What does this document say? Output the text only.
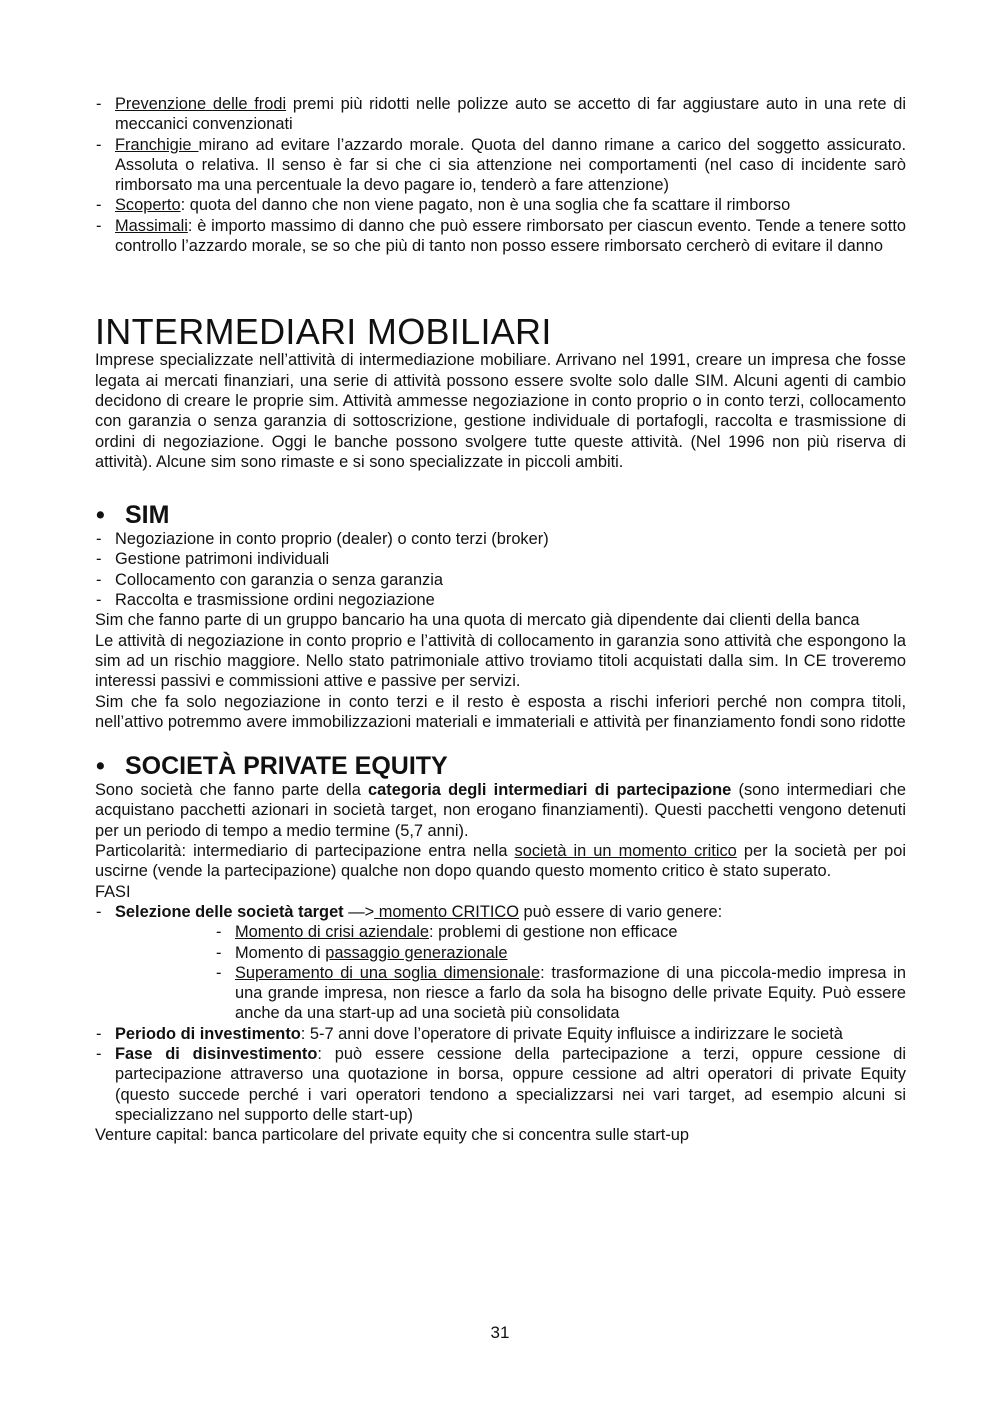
- Prevenzione delle frodi premi più ridotti nelle polizze auto se accetto di far aggiustare auto in una rete di meccanici convenzionati
- Franchigie mirano ad evitare l’azzardo morale. Quota del danno rimane a carico del soggetto assicurato. Assoluta o relativa. Il senso è far si che ci sia attenzione nei comportamenti (nel caso di incidente sarò rimborsato ma una percentuale la devo pagare io, tenderò a fare attenzione)
- Scoperto: quota del danno che non viene pagato, non è una soglia che fa scattare il rimborso
- Massimali: è importo massimo di danno che può essere rimborsato per ciascun evento. Tende a tenere sotto controllo l’azzardo morale, se so che più di tanto non posso essere rimborsato cercherò di evitare il danno
INTERMEDIARI MOBILIARI
Imprese specializzate nell’attività di intermediazione mobiliare. Arrivano nel 1991, creare un impresa che fosse legata ai mercati finanziari, una serie di attività possono essere svolte solo dalle SIM. Alcuni agenti di cambio decidono di creare le proprie sim. Attività ammesse negoziazione in conto proprio o in conto terzi, collocamento con garanzia o senza garanzia di sottoscrizione, gestione individuale di portafogli, raccolta e trasmissione di ordini di negoziazione. Oggi le banche possono svolgere tutte queste attività. (Nel 1996 non più riserva di attività). Alcune sim sono rimaste e si sono specializzate in piccoli ambiti.
• SIM
- Negoziazione in conto proprio (dealer) o conto terzi (broker)
- Gestione patrimoni individuali
- Collocamento con garanzia o senza garanzia
- Raccolta e trasmissione ordini negoziazione
Sim che fanno parte di un gruppo bancario ha una quota di mercato già dipendente dai clienti della banca
Le attività di negoziazione in conto proprio e l’attività di collocamento in garanzia sono attività che espongono la sim ad un rischio maggiore. Nello stato patrimoniale attivo troviamo titoli acquistati dalla sim. In CE troveremo interessi passivi e commissioni attive e passive per servizi.
Sim che fa solo negoziazione in conto terzi e il resto è esposta a rischi inferiori perché non compra titoli, nell’attivo potremmo avere immobilizzazioni materiali e immateriali e attività per finanziamento fondi sono ridotte
• SOCIETÀ PRIVATE EQUITY
Sono società che fanno parte della categoria degli intermediari di partecipazione (sono intermediari che acquistano pacchetti azionari in società target, non erogano finanziamenti). Questi pacchetti vengono detenuti per un periodo di tempo a medio termine (5,7 anni).
Particolarità: intermediario di partecipazione entra nella società in un momento critico per la società per poi uscirne (vende la partecipazione) qualche non dopo quando questo momento critico è stato superato.
FASI
- Selezione delle società target —> momento CRITICO può essere di vario genere:
- Momento di crisi aziendale: problemi di gestione non efficace
- Momento di passaggio generazionale
- Superamento di una soglia dimensionale: trasformazione di una piccola-medio impresa in una grande impresa, non riesce a farlo da sola ha bisogno delle private Equity. Può essere anche da una start-up ad una società più consolidata
- Periodo di investimento: 5-7 anni dove l’operatore di private Equity influisce a indirizzare le società
- Fase di disinvestimento: può essere cessione della partecipazione a terzi, oppure cessione di partecipazione attraverso una quotazione in borsa, oppure cessione ad altri operatori di private Equity (questo succede perché i vari operatori tendono a specializzarsi nei vari target, ad esempio alcuni si specializzano nel supporto delle start-up)
Venture capital: banca particolare del private equity che si concentra sulle start-up
31
